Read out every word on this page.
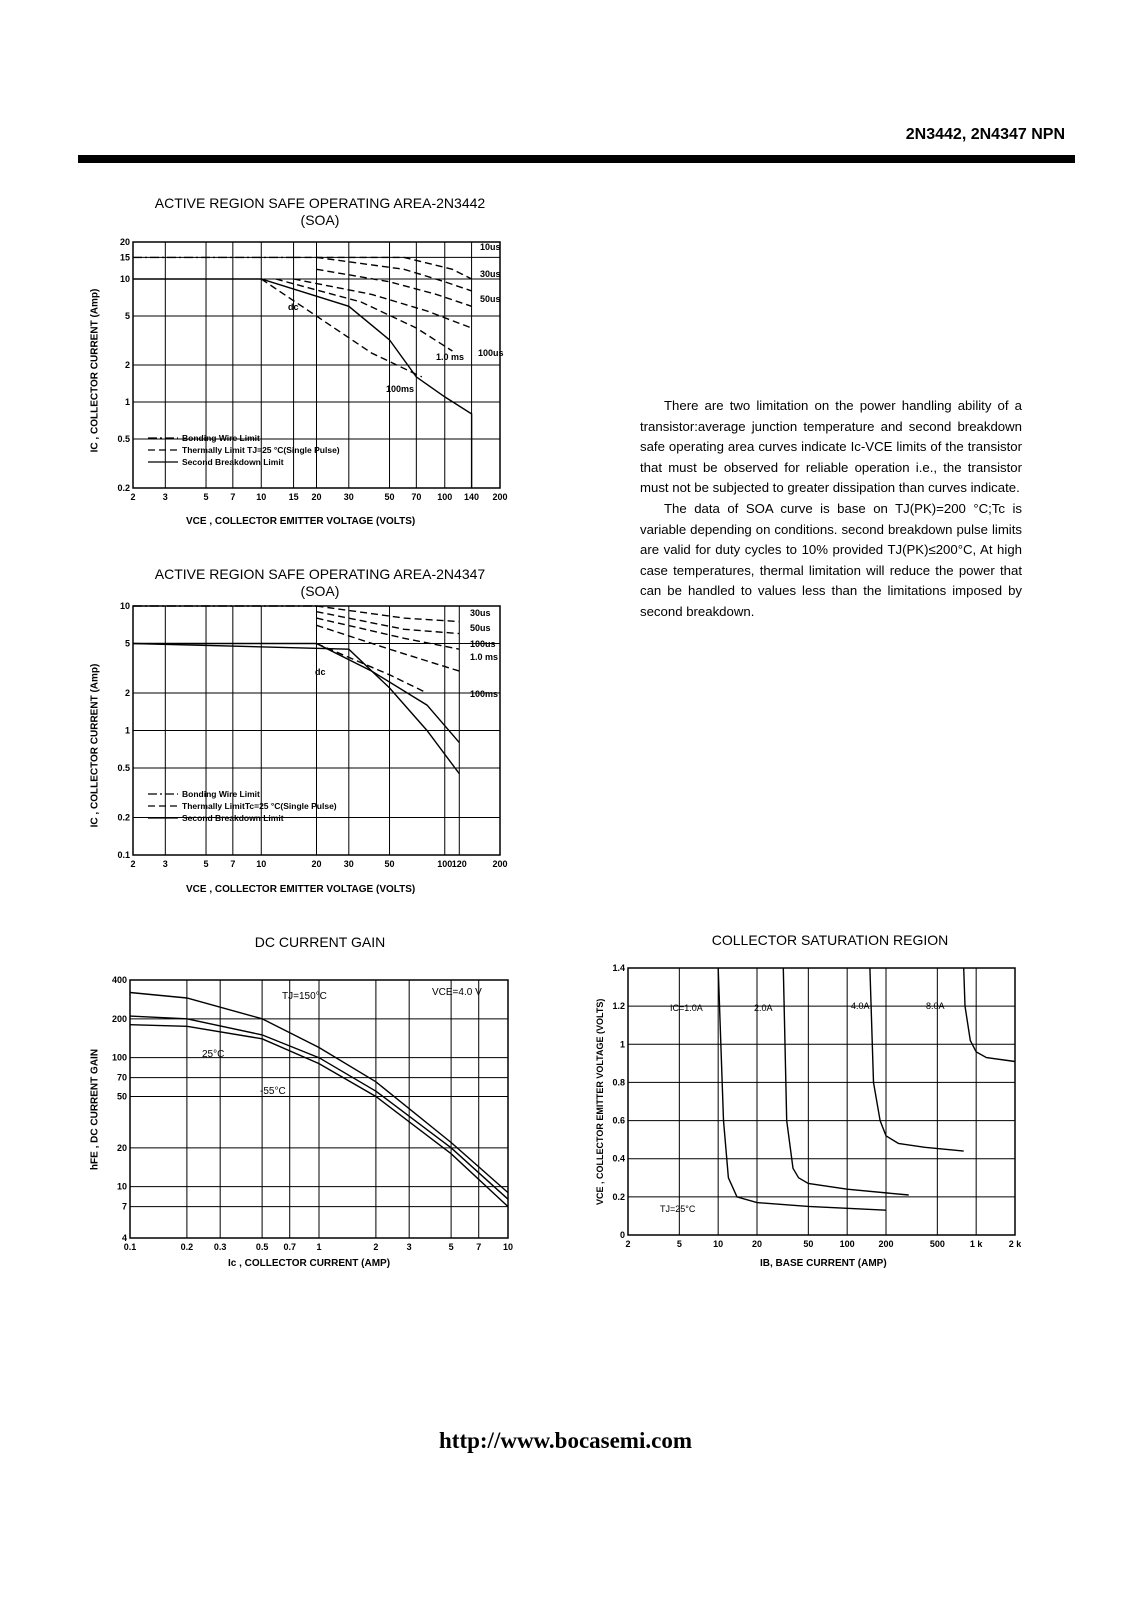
2N3442, 2N4347 NPN
ACTIVE REGION SAFE OPERATING AREA-2N3442
(SOA)
ACTIVE REGION SAFE OPERATING AREA-2N4347
(SOA)
DC CURRENT GAIN	COLLECTOR SATURATION REGION
IC , COLLECTOR CURRENT (Amp)
VCE , COLLECTOR EMITTER VOLTAGE (VOLTS)
IC , COLLECTOR CURRENT (Amp)
VCE , COLLECTOR EMITTER VOLTAGE (VOLTS)
hFE , DC CURRENT GAIN
Ic , COLLECTOR CURRENT (AMP)
VCE , COLLECTOR EMITTER VOLTAGE (VOLTS)
IB, BASE CURRENT (AMP)

There are two limitation on the power handling ability of a transistor:average junction temperature and second breakdown safe operating area curves indicate Ic-VCE limits of the transistor that must be observed for reliable operation i.e., the transistor must not be subjected to greater dissipation than curves indicate.

The data of SOA curve is base on TJ(PK)=200 °C;Tc is variable depending on conditions. second breakdown pulse limits are valid for duty cycles to 10% provided TJ(PK)≤200°C, At high case temperatures, thermal limitation will reduce the power that can be handled to values less than the limitations imposed by second breakdown.

2	3	5 7 10 15 20 30	50 70 100 140 200
0.2
0.5
1
2
5
10
15
20	10us
30us
50us
100us
1.0 ms
100ms
dc
Bonding Wire Limit
Thermally Limit TJ=25 °C(Single Pulse)
Second Breakdown Limit
2	3	5 7 10	20 30	50	100 120	200
0.1
0.2
0.5
1
2
5
10
30us
50us
100us
1.0 ms
100ms
dc
Bonding Wire Limit
Thermally LimitTc=25 °C(Single Pulse)
Second Breakdown Limit
0.1	0.2 0.3	0.5 0.7 1	2	3	5	7 10
4
7
10
20
50
70
100
200
400
VCE=4.0 V
TJ=150°C
25°C
-55°C
2	5	10	20	50	100	200	500	1 k	2 k
0
0.2
0.4
0.6
0.8
1
1.2
1.4
IC=1.0A	2.0A	4.0A	8.0A
TJ=25°C
http://www.bocasemi.com
